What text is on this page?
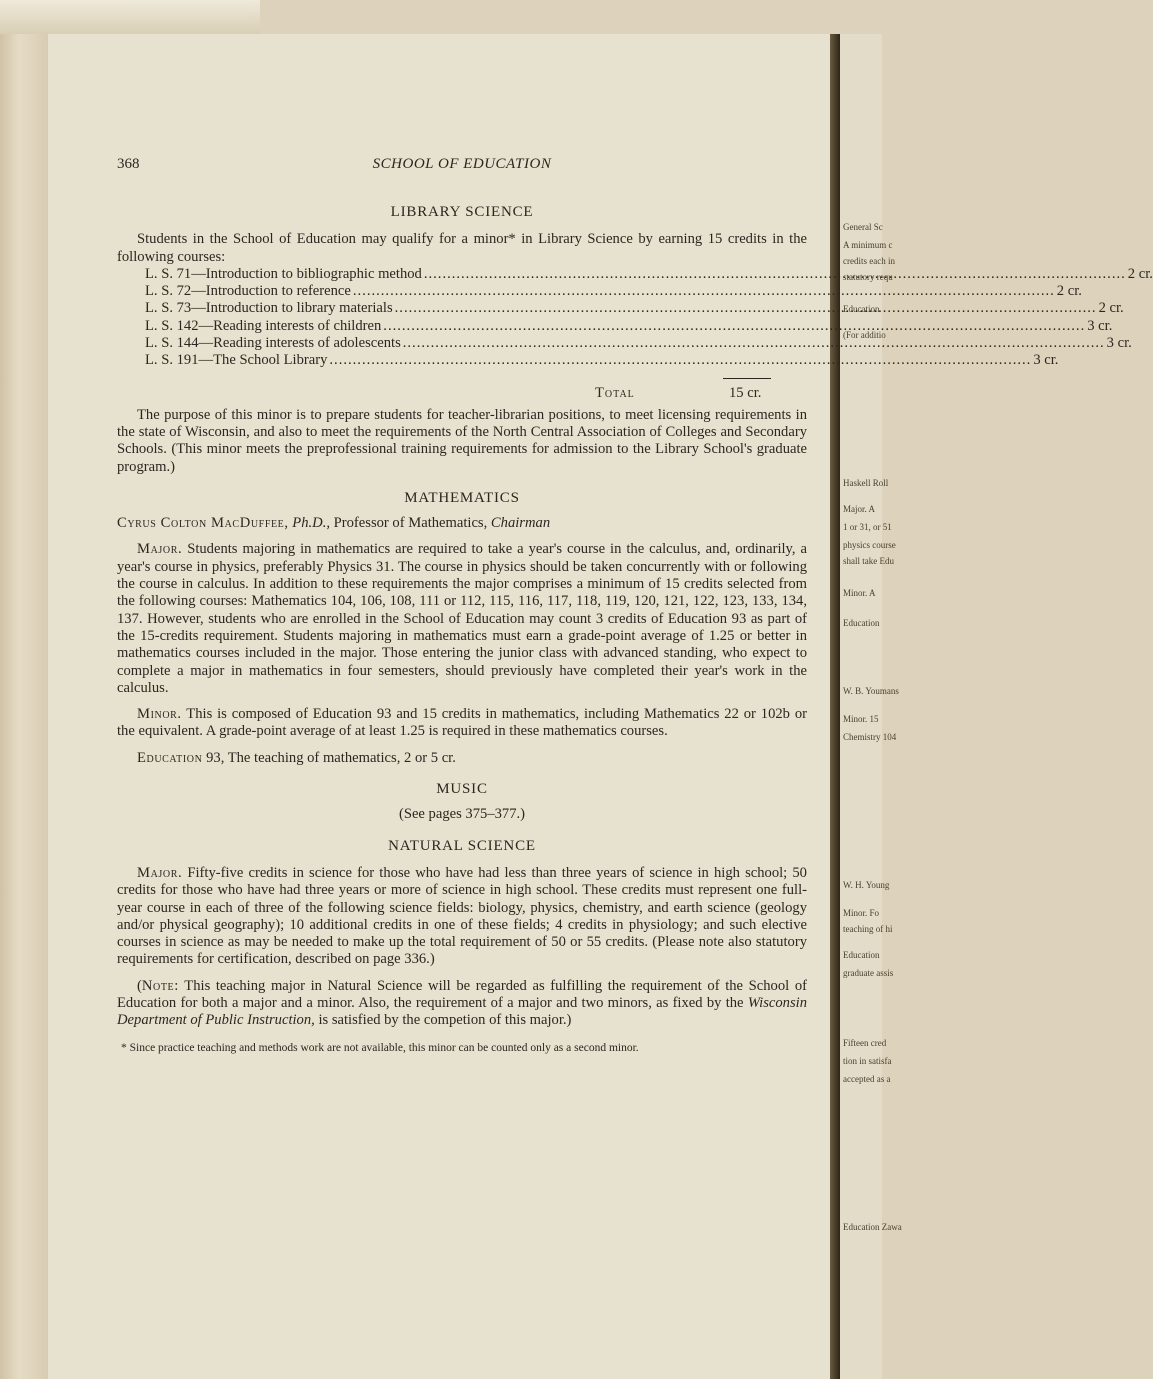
General Sc
A minimum c
credits each in
statutory requ
Education
(For additio
Haskell Roll
Major. A
1 or 31, or 51
physics course
shall take Edu
Minor. A
Education
W. B. Youmans
Minor. 15
Chemistry 104
W. H. Young
Minor. Fo
teaching of hi
Education
graduate assis
Fifteen cred
tion in satisfa
accepted as a
Education Zawa
368	SCHOOL OF EDUCATION
LIBRARY SCIENCE

Students in the School of Education may qualify for a minor* in Library Science by earning 15 credits in the following courses:

L. S. 71—Introduction to bibliographic method .....	2 cr.
L. S. 72—Introduction to reference .....	2 cr.
L. S. 73—Introduction to library materials .....	2 cr.
L. S. 142—Reading interests of children .....	3 cr.
L. S. 144—Reading interests of adolescents .....	3 cr.
L. S. 191—The School Library .....	3 cr.
Total	15 cr.

The purpose of this minor is to prepare students for teacher-librarian positions, to meet licensing requirements in the state of Wisconsin, and also to meet the requirements of the North Central Association of Colleges and Secondary Schools. (This minor meets the preprofessional training requirements for admission to the Library School's graduate program.)

MATHEMATICS

Cyrus Colton MacDuffee, Ph.D., Professor of Mathematics, Chairman

Major. Students majoring in mathematics are required to take a year's course in the calculus, and, ordinarily, a year's course in physics, preferably Physics 31. The course in physics should be taken concurrently with or following the course in calculus. In addition to these requirements the major comprises a minimum of 15 credits selected from the following courses: Mathematics 104, 106, 108, 111 or 112, 115, 116, 117, 118, 119, 120, 121, 122, 123, 133, 134, 137. However, students who are enrolled in the School of Education may count 3 credits of Education 93 as part of the 15-credits requirement. Students majoring in mathematics must earn a grade-point average of 1.25 or better in mathematics courses included in the major. Those entering the junior class with advanced standing, who expect to complete a major in mathematics in four semesters, should previously have completed their year's work in the calculus.

Minor. This is composed of Education 93 and 15 credits in mathematics, including Mathematics 22 or 102b or the equivalent. A grade-point average of at least 1.25 is required in these mathematics courses.

Education 93, The teaching of mathematics, 2 or 5 cr.

MUSIC

(See pages 375–377.)

NATURAL SCIENCE

Major. Fifty-five credits in science for those who have had less than three years of science in high school; 50 credits for those who have had three years or more of science in high school. These credits must represent one full-year course in each of three of the following science fields: biology, physics, chemistry, and earth science (geology and/or physical geography); 10 additional credits in one of these fields; 4 credits in physiology; and such elective courses in science as may be needed to make up the total requirement of 50 or 55 credits. (Please note also statutory requirements for certification, described on page 336.)

(Note: This teaching major in Natural Science will be regarded as fulfilling the requirement of the School of Education for both a major and a minor. Also, the requirement of a major and two minors, as fixed by the Wisconsin Department of Public Instruction, is satisfied by the competion of this major.)

* Since practice teaching and methods work are not available, this minor can be counted only as a second minor.
